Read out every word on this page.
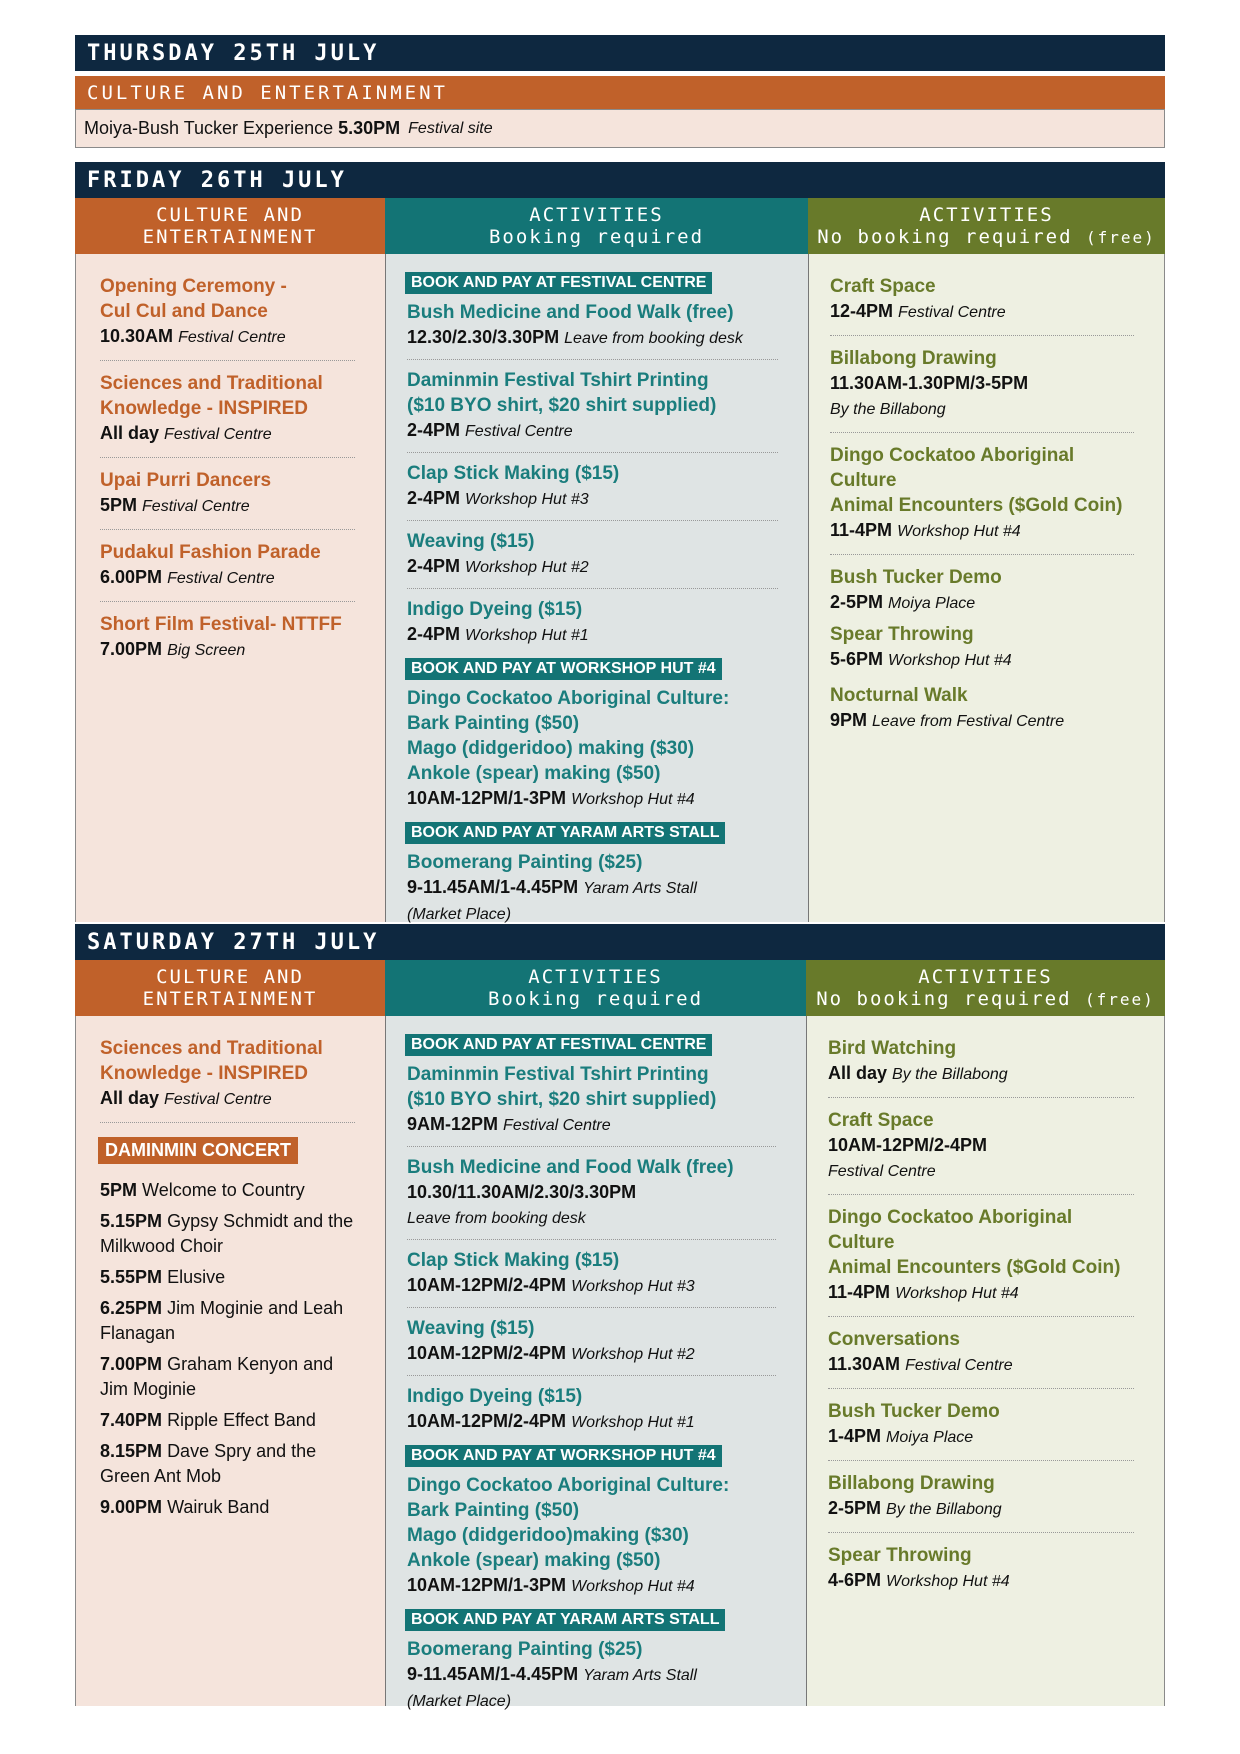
THURSDAY 25TH JULY
CULTURE AND ENTERTAINMENT
Moiya-Bush Tucker Experience 5.30PM Festival site
FRIDAY 26TH JULY
CULTURE AND
ENTERTAINMENT
ACTIVITIES
Booking required
ACTIVITIES
No booking required (free)
Opening Ceremony -
Cul Cul and Dance
10.30AM Festival Centre
Sciences and Traditional
Knowledge - INSPIRED
All day Festival Centre
Upai Purri Dancers
5PM Festival Centre
Pudakul Fashion Parade
6.00PM Festival Centre
Short Film Festival- NTTFF
7.00PM Big Screen
BOOK AND PAY AT FESTIVAL CENTRE
Bush Medicine and Food Walk (free)
12.30/2.30/3.30PM Leave from booking desk
Daminmin Festival Tshirt Printing
($10 BYO shirt, $20 shirt supplied)
2-4PM Festival Centre
Clap Stick Making ($15)
2-4PM Workshop Hut #3
Weaving ($15)
2-4PM Workshop Hut #2
Indigo Dyeing ($15)
2-4PM Workshop Hut #1
BOOK AND PAY AT WORKSHOP HUT #4
Dingo Cockatoo Aboriginal Culture:
Bark Painting ($50)
Mago (didgeridoo) making ($30)
Ankole (spear) making ($50)
10AM-12PM/1-3PM Workshop Hut #4
BOOK AND PAY AT YARAM ARTS STALL
Boomerang Painting ($25)
9-11.45AM/1-4.45PM Yaram Arts Stall
(Market Place)
Craft Space
12-4PM Festival Centre
Billabong Drawing
11.30AM-1.30PM/3-5PM
By the Billabong
Dingo Cockatoo Aboriginal Culture
Animal Encounters ($Gold Coin)
11-4PM Workshop Hut #4
Bush Tucker Demo
2-5PM Moiya Place
Spear Throwing
5-6PM Workshop Hut #4
Nocturnal Walk
9PM Leave from Festival Centre
SATURDAY 27TH JULY
CULTURE AND
ENTERTAINMENT
ACTIVITIES
Booking required
ACTIVITIES
No booking required (free)
Sciences and Traditional
Knowledge - INSPIRED
All day Festival Centre
DAMINMIN CONCERT
5PM Welcome to Country
5.15PM Gypsy Schmidt and the Milkwood Choir
5.55PM Elusive
6.25PM Jim Moginie and Leah Flanagan
7.00PM Graham Kenyon and Jim Moginie
7.40PM Ripple Effect Band
8.15PM Dave Spry and the Green Ant Mob
9.00PM Wairuk Band
BOOK AND PAY AT FESTIVAL CENTRE
Daminmin Festival Tshirt Printing
($10 BYO shirt, $20 shirt supplied)
9AM-12PM Festival Centre
Bush Medicine and Food Walk (free)
10.30/11.30AM/2.30/3.30PM
Leave from booking desk
Clap Stick Making ($15)
10AM-12PM/2-4PM Workshop Hut #3
Weaving ($15)
10AM-12PM/2-4PM Workshop Hut #2
Indigo Dyeing ($15)
10AM-12PM/2-4PM Workshop Hut #1
BOOK AND PAY AT WORKSHOP HUT #4
Dingo Cockatoo Aboriginal Culture:
Bark Painting ($50)
Mago (didgeridoo)making ($30)
Ankole (spear) making ($50)
10AM-12PM/1-3PM Workshop Hut #4
BOOK AND PAY AT YARAM ARTS STALL
Boomerang Painting ($25)
9-11.45AM/1-4.45PM Yaram Arts Stall
(Market Place)
Bird Watching
All day By the Billabong
Craft Space
10AM-12PM/2-4PM
Festival Centre
Dingo Cockatoo Aboriginal Culture
Animal Encounters ($Gold Coin)
11-4PM Workshop Hut #4
Conversations
11.30AM Festival Centre
Bush Tucker Demo
1-4PM Moiya Place
Billabong Drawing
2-5PM By the Billabong
Spear Throwing
4-6PM Workshop Hut #4
